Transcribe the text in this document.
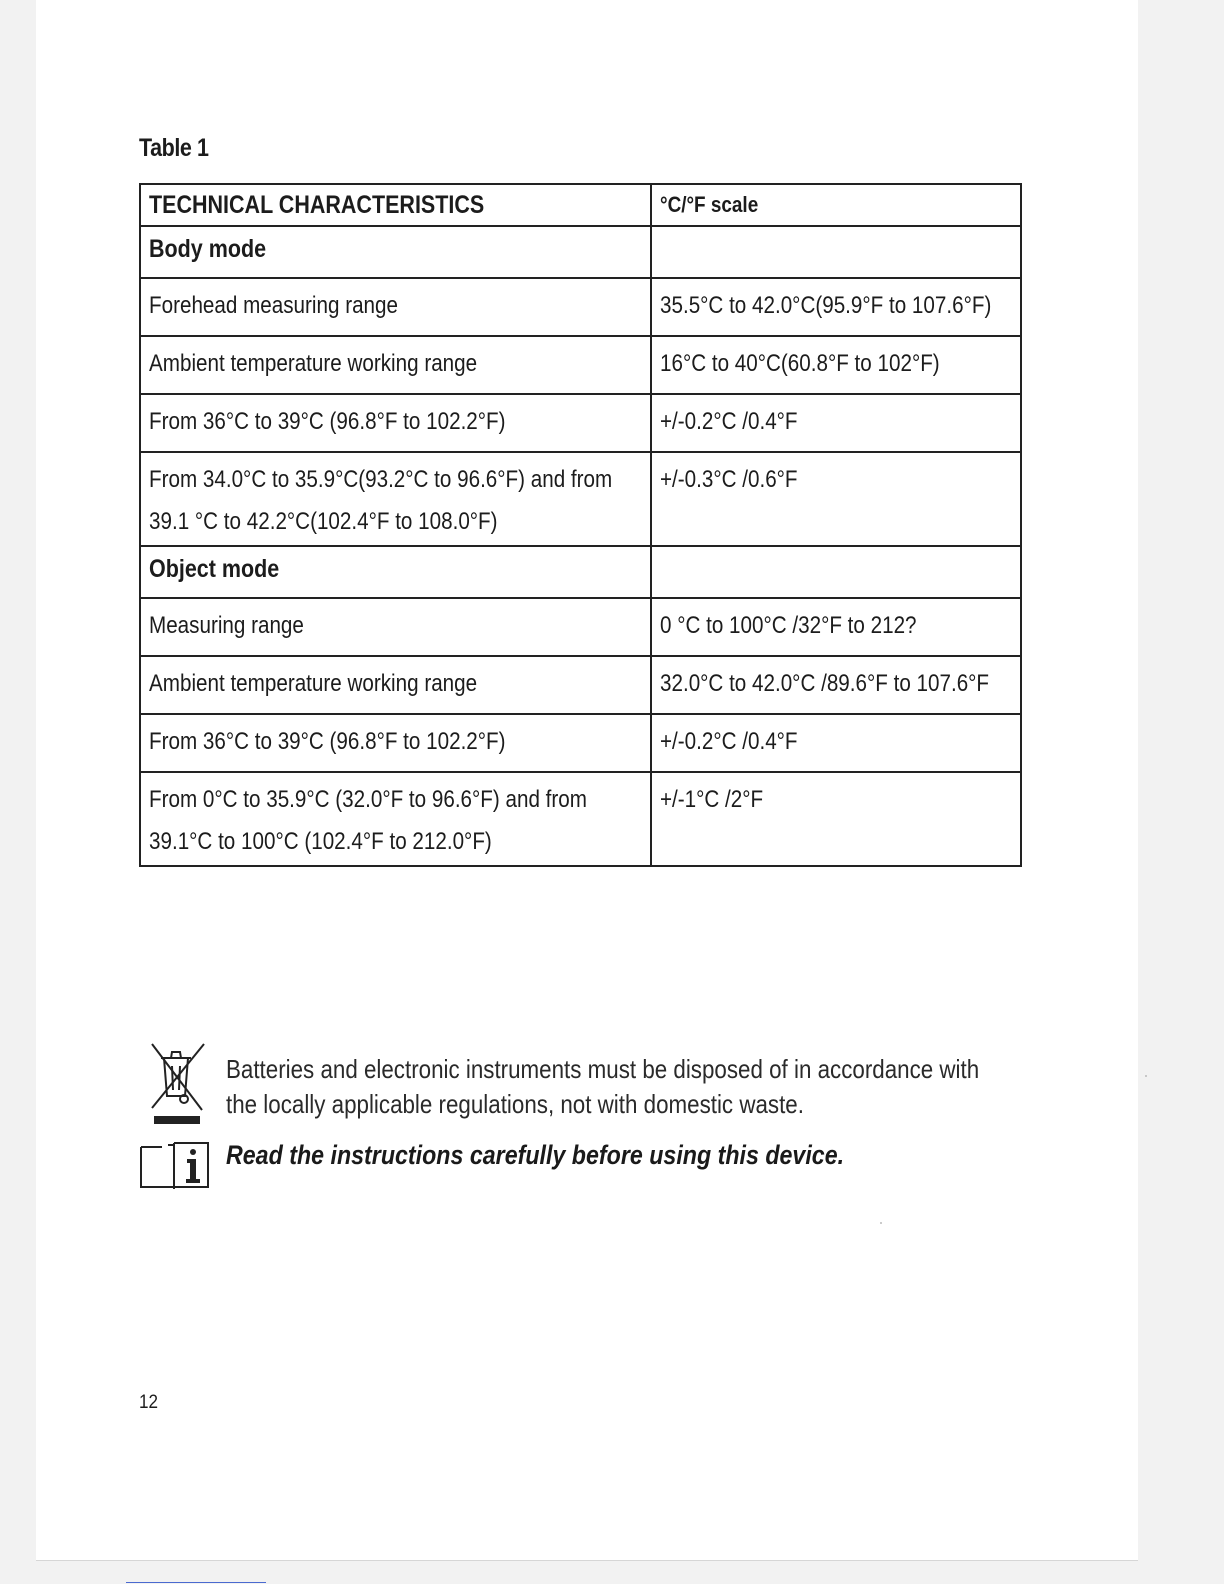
Table 1
TECHNICAL CHARACTERISTICS	°C/°F scale

Body mode	

Forehead measuring range	35.5°C to 42.0°C(95.9°F to 107.6°F)

Ambient temperature working range	16°C to 40°C(60.8°F to 102°F)

From 36°C to 39°C (96.8°F to 102.2°F)	+/-0.2°C /0.4°F

From 34.0°C to 35.9°C(93.2°C to 96.6°F) and from 39.1 °C to 42.2°C(102.4°F to 108.0°F)	+/-0.3°C /0.6°F

Object mode	

Measuring range	0 °C to 100°C /32°F to 212?

Ambient temperature working range	32.0°C to 42.0°C /89.6°F to 107.6°F

From 36°C to 39°C (96.8°F to 102.2°F)	+/-0.2°C /0.4°F

From 0°C to 35.9°C (32.0°F to 96.6°F) and from 39.1°C to 100°C (102.4°F to 212.0°F)	+/-1°C /2°F
Batteries and electronic instruments must be disposed of in accordance with the locally applicable regulations, not with domestic waste.
Read the instructions carefully before using this device.
12
